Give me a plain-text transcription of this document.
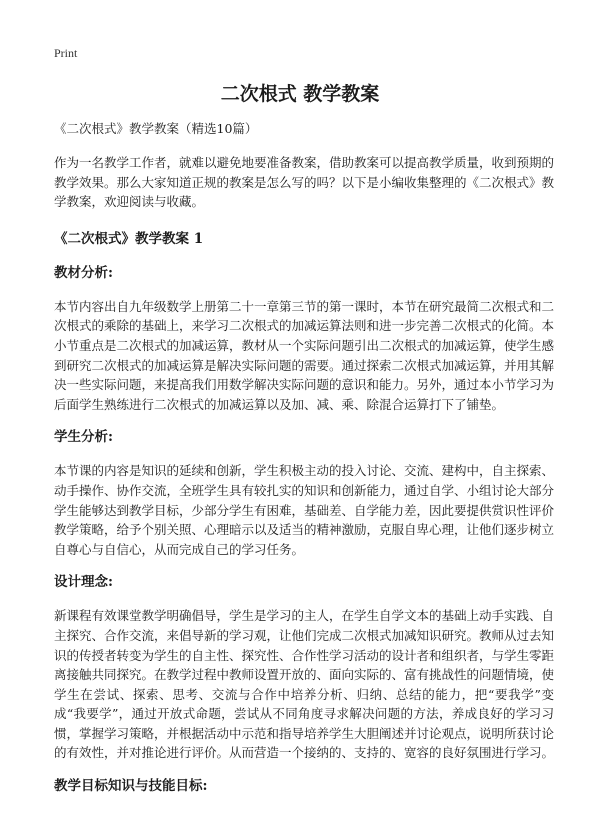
Print
二次根式 教学教案

《二次根式》教学教案（精选10篇）

作为一名教学工作者，就难以避免地要准备教案，借助教案可以提高教学质量，收到预期的教学效果。那么大家知道正规的教案是怎么写的吗？以下是小编收集整理的《二次根式》教学教案，欢迎阅读与收藏。

《二次根式》教学教案 1

教材分析:

本节内容出自九年级数学上册第二十一章第三节的第一课时，本节在研究最简二次根式和二次根式的乘除的基础上，来学习二次根式的加减运算法则和进一步完善二次根式的化简。本小节重点是二次根式的加减运算，教材从一个实际问题引出二次根式的加减运算，使学生感到研究二次根式的加减运算是解决实际问题的需要。通过探索二次根式加减运算，并用其解决一些实际问题，来提高我们用数学解决实际问题的意识和能力。另外，通过本小节学习为后面学生熟练进行二次根式的加减运算以及加、减、乘、除混合运算打下了铺垫。

学生分析:

本节课的内容是知识的延续和创新，学生积极主动的投入讨论、交流、建构中，自主探索、动手操作、协作交流，全班学生具有较扎实的知识和创新能力，通过自学、小组讨论大部分学生能够达到教学目标，少部分学生有困难，基础差、自学能力差，因此要提供赏识性评价教学策略，给予个别关照、心理暗示以及适当的精神激励，克服自卑心理，让他们逐步树立自尊心与自信心，从而完成自己的学习任务。

设计理念:

新课程有效课堂教学明确倡导，学生是学习的主人，在学生自学文本的基础上动手实践、自主探究、合作交流，来倡导新的学习观，让他们完成二次根式加减知识研究。教师从过去知识的传授者转变为学生的自主性、探究性、合作性学习活动的设计者和组织者，与学生零距离接触共同探究。在教学过程中教师设置开放的、面向实际的、富有挑战性的问题情境，使学生在尝试、探索、思考、交流与合作中培养分析、归纳、总结的能力，把“要我学”变成“我要学”，通过开放式命题，尝试从不同角度寻求解决问题的方法，养成良好的学习习惯，掌握学习策略，并根据活动中示范和指导培养学生大胆阐述并讨论观点，说明所获讨论的有效性，并对推论进行评价。从而营造一个接纳的、支持的、宽容的良好氛围进行学习。

教学目标知识与技能目标:
